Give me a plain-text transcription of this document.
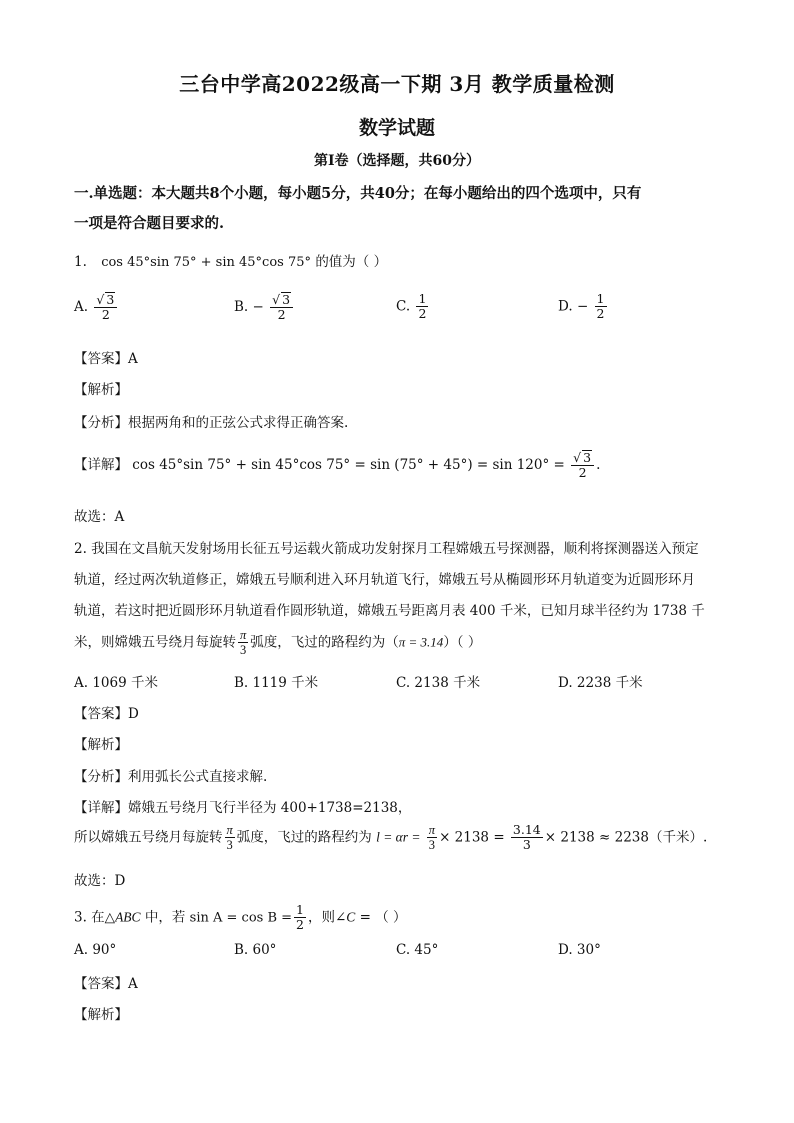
三台中学高2022级高一下期 3月 教学质量检测
数学试题
第Ⅰ卷（选择题，共60分）
一.单选题：本大题共8个小题，每小题5分，共40分；在每小题给出的四个选项中，只有
一项是符合题目要求的.
1. cos 45°sin 75° + sin 45°cos 75° 的值为（ ）
A. $\frac{√ 3}{2}$	B. − $\frac{√ 3}{2}$	C. $\frac{1}{2}$	D. − $\frac{1}{2}$
【答案】A
【解析】
【分析】根据两角和的正弦公式求得正确答案.
【详解】 cos 45°sin 75° + sin 45°cos $75^\circ = \sin (75^\circ + 45^\circ) = \sin 120^\circ = \frac{√ 3}{2}$ .
故选：A
2. 我国在文昌航天发射场用长征五号运载火箭成功发射探月工程嫦娥五号探测器，顺利将探测器送入预定
轨道，经过两次轨道修正，嫦娥五号顺利进入环月轨道飞行，嫦娥五号从椭圆形环月轨道变为近圆形环月
轨道，若这时把近圆形环月轨道看作圆形轨道，嫦娥五号距离月表 400 千米，已知月球半径约为 1738 千
米，则嫦娥五号绕月每旋转 $\frac{\pi}{3}$ 弧度，飞过的路程约为（π = 3.14）（ ）
A. 1069 千米	B. 1119 千米	C. 2138 千米	D. 2238 千米
【答案】D
【解析】
【分析】利用弧长公式直接求解.
【详解】嫦娥五号绕月飞行半径为 400+1738=2138，
所以嫦娥五号绕月每旋转 $\frac{\pi}{3}$ 弧度，飞过的路程约为 $l = \alpha r = \frac{\pi}{3} \times 2138 = \frac{3.14}{3} \times 2138 \approx 2238$（千米）.
故选：D
3. 在△ABC 中，若 $\sin A = \cos B = \frac{1}{2}$ ，则∠C = （ ）
A. 90°	B. 60°	C. 45°	D. 30°
【答案】A
【解析】
